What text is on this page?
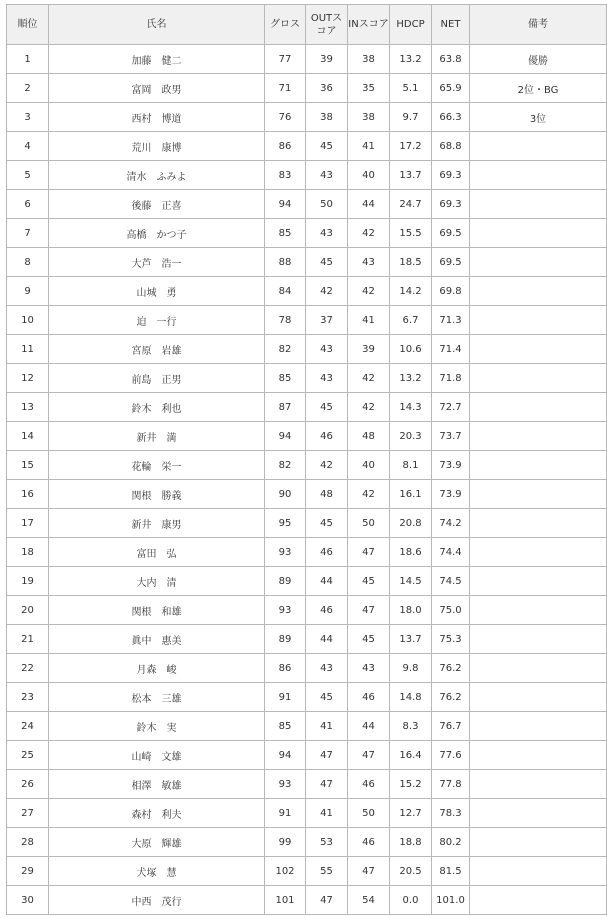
順位	氏名	グロス	OUTスコア	INスコア	HDCP	NET	備考
1	加藤　健二	77	39	38	13.2	63.8	優勝
2	富岡　政男	71	36	35	5.1	65.9	2位・BG
3	西村　博道	76	38	38	9.7	66.3	3位
4	荒川　康博	86	45	41	17.2	68.8	
5	清水　ふみよ	83	43	40	13.7	69.3	
6	後藤　正喜	94	50	44	24.7	69.3	
7	高橋　かつ子	85	43	42	15.5	69.5	
8	大芦　浩一	88	45	43	18.5	69.5	
9	山城　勇	84	42	42	14.2	69.8	
10	迫　一行	78	37	41	6.7	71.3	
11	宮原　岩雄	82	43	39	10.6	71.4	
12	前島　正男	85	43	42	13.2	71.8	
13	鈴木　利也	87	45	42	14.3	72.7	
14	新井　満	94	46	48	20.3	73.7	
15	花輪　栄一	82	42	40	8.1	73.9	
16	関根　勝義	90	48	42	16.1	73.9	
17	新井　康男	95	45	50	20.8	74.2	
18	富田　弘	93	46	47	18.6	74.4	
19	大内　清	89	44	45	14.5	74.5	
20	関根　和雄	93	46	47	18.0	75.0	
21	眞中　惠美	89	44	45	13.7	75.3	
22	月森　峻	86	43	43	9.8	76.2	
23	松本　三雄	91	45	46	14.8	76.2	
24	鈴木　実	85	41	44	8.3	76.7	
25	山崎　文雄	94	47	47	16.4	77.6	
26	相澤　敏雄	93	47	46	15.2	77.8	
27	森村　利夫	91	41	50	12.7	78.3	
28	大原　輝雄	99	53	46	18.8	80.2	
29	犬塚　慧	102	55	47	20.5	81.5	
30	中西　茂行	101	47	54	0.0	101.0	
